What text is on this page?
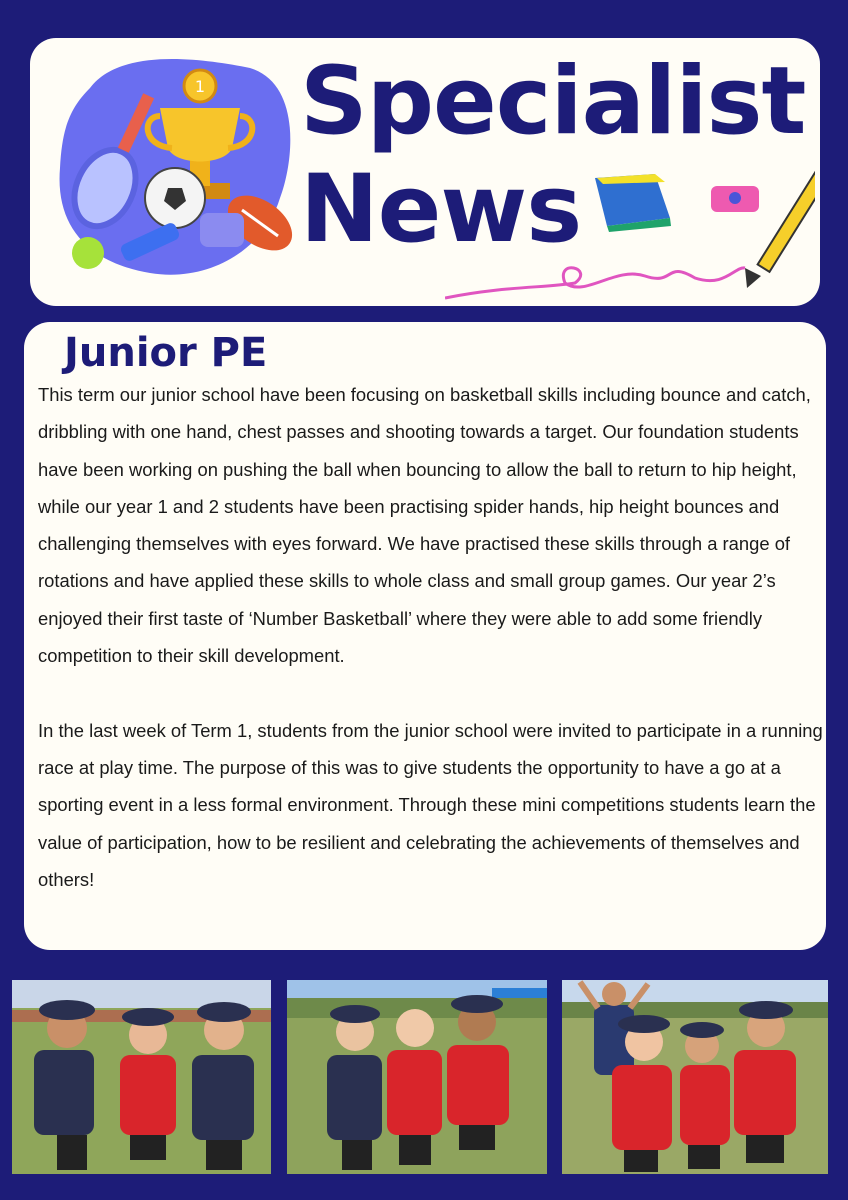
1 Specialist
News
Junior PE

This term our junior school have been focusing on basketball skills including bounce and catch, dribbling with one hand, chest passes and shooting towards a target. Our foundation students have been working on pushing the ball when bouncing to allow the ball to return to hip height, while our year 1 and 2 students have been practising spider hands, hip height bounces and challenging themselves with eyes forward. We have practised these skills through a range of rotations and have applied these skills to whole class and small group games. Our year 2’s enjoyed their first taste of ‘Number Basketball’ where they were able to add some friendly competition to their skill development.

In the last week of Term 1, students from the junior school were invited to participate in a running race at play time. The purpose of this was to give students the opportunity to have a go at a sporting event in a less formal environment. Through these mini competitions students learn the value of participation, how to be resilient and celebrating the achievements of themselves and others!
